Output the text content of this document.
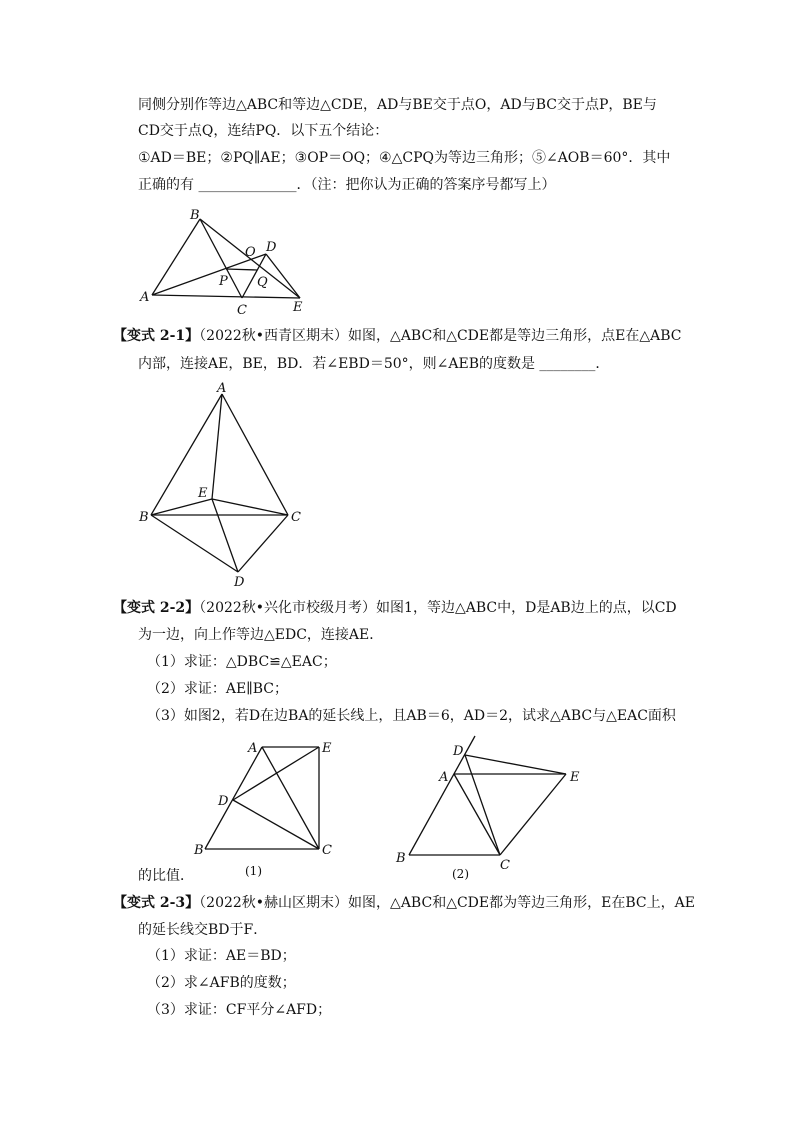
同侧分别作等边△ABC和等边△CDE，AD与BE交于点O，AD与BC交于点P，BE与
CD交于点Q，连结PQ．以下五个结论：
①AD＝BE；②PQ∥AE；③OP＝OQ；④△CPQ为等边三角形；⑤∠AOB＝60°．其中
正确的有 ______________．（注：把你认为正确的答案序号都写上）
B
O D
P Q
A
C	E
【变式 2-1】（2022秋•西青区期末）如图，△ABC和△CDE都是等边三角形，点E在△ABC
内部，连接AE，BE，BD．若∠EBD＝50°，则∠AEB的度数是 ________．
A
E
B	C
D
【变式 2-2】（2022秋•兴化市校级月考）如图1，等边△ABC中，D是AB边上的点，以CD
为一边，向上作等边△EDC，连接AE．
（1）求证：△DBC≌△EAC；
（2）求证：AE∥BC；
（3）如图2，若D在边BA的延长线上，且AB＝6，AD＝2，试求△ABC与△EAC面积
A	E
D
B	C
(1)
D
A	E
B	C
(2)
的比值．
【变式 2-3】（2022秋•赫山区期末）如图，△ABC和△CDE都为等边三角形，E在BC上，AE
的延长线交BD于F．
（1）求证：AE＝BD；
（2）求∠AFB的度数；
（3）求证：CF平分∠AFD；
